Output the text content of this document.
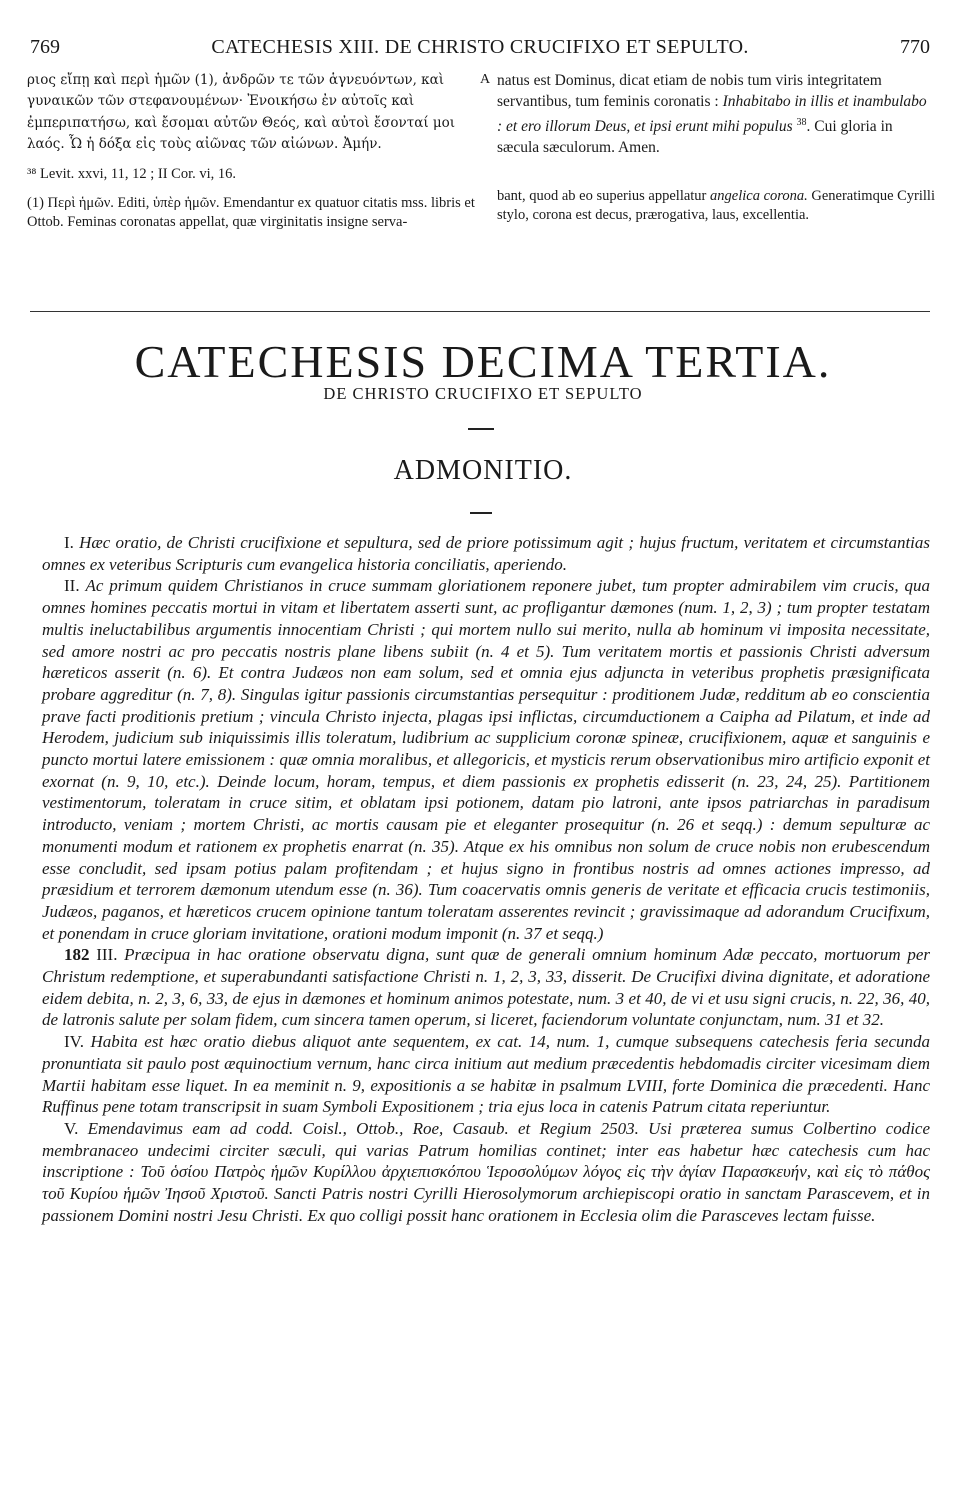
769	CATECHESIS XIII. DE CHRISTO CRUCIFIXO ET SEPULTO.	770

ριος εἴπῃ καὶ περὶ ἡμῶν (1), ἀνδρῶν τε τῶν ἁγνευόντων, καὶ γυναικῶν τῶν στεφανουμένων· Ἐνοικήσω ἐν αὐτοῖς καὶ ἐμπεριπατήσω, καὶ ἔσομαι αὐτῶν Θεός, καὶ αὐτοὶ ἔσονταί μοι λαός. Ὧ ἡ δόξα εἰς τοὺς αἰῶνας τῶν αἰώνων. Ἀμήν.

³⁸ Levit. xxvi, 11, 12 ; II Cor. vi, 16.

(1) Περὶ ἡμῶν. Editi, ὑπὲρ ἡμῶν. Emendantur ex quatuor citatis mss. libris et Ottob. Feminas coronatas appellat, quæ virginitatis insigne serva-

A natus est Dominus, dicat etiam de nobis tum viris integritatem servantibus, tum feminis coronatis : Inhabitabo in illis et inambulabo : et ero illorum Deus, et ipsi erunt mihi populus $^{38}$. Cui gloria in sæcula sæculorum. Amen.

bant, quod ab eo superius appellatur angelica corona. Generatimque Cyrilli stylo, corona est decus, prærogativa, laus, excellentia.

CATECHESIS DECIMA TERTIA.
DE CHRISTO CRUCIFIXO ET SEPULTO
ADMONITIO.

I. Hæc oratio, de Christi crucifixione et sepultura, sed de priore potissimum agit ; hujus fructum, veritatem et circumstantias omnes ex veteribus Scripturis cum evangelica historia conciliatis, aperiendo.

II. Ac primum quidem Christianos in cruce summam gloriationem reponere jubet, tum propter admirabilem vim crucis, qua omnes homines peccatis mortui in vitam et libertatem asserti sunt, ac profligantur dæmones (num. 1, 2, 3) ; tum propter testatam multis ineluctabilibus argumentis innocentiam Christi ; qui mortem nullo sui merito, nulla ab hominum vi imposita necessitate, sed amore nostri ac pro peccatis nostris plane libens subiit (n. 4 et 5). Tum veritatem mortis et passionis Christi adversum hæreticos asserit (n. 6). Et contra Judæos non eam solum, sed et omnia ejus adjuncta in veteribus prophetis præsignificata probare aggreditur (n. 7, 8). Singulas igitur passionis circumstantias persequitur : proditionem Judæ, redditum ab eo conscientia prave facti proditionis pretium ; vincula Christo injecta, plagas ipsi inflictas, circumductionem a Caipha ad Pilatum, et inde ad Herodem, judicium sub iniquissimis illis toleratum, ludibrium ac supplicium coronæ spineæ, crucifixionem, aquæ et sanguinis e puncto mortui latere emissionem : quæ omnia moralibus, et allegoricis, et mysticis rerum observationibus miro artificio exponit et exornat (n. 9, 10, etc.). Deinde locum, horam, tempus, et diem passionis ex prophetis edisserit (n. 23, 24, 25). Partitionem vestimentorum, toleratam in cruce sitim, et oblatam ipsi potionem, datam pio latroni, ante ipsos patriarchas in paradisum introducto, veniam ; mortem Christi, ac mortis causam pie et eleganter prosequitur (n. 26 et seqq.) : demum sepulturæ ac monumenti modum et rationem ex prophetis enarrat (n. 35). Atque ex his omnibus non solum de cruce nobis non erubescendum esse concludit, sed ipsam potius palam profitendam ; et hujus signo in frontibus nostris ad omnes actiones impresso, ad præsidium et terrorem dæmonum utendum esse (n. 36). Tum coacervatis omnis generis de veritate et efficacia crucis testimoniis, Judæos, paganos, et hæreticos crucem opinione tantum toleratam asserentes revincit ; gravissimaque ad adorandum Crucifixum, et ponendam in cruce gloriam invitatione, orationi modum imponit (n. 37 et seqq.)

182 III. Præcipua in hac oratione observatu digna, sunt quæ de generali omnium hominum Adæ peccato, mortuorum per Christum redemptione, et superabundanti satisfactione Christi n. 1, 2, 3, 33, disserit. De Crucifixi divina dignitate, et adoratione eidem debita, n. 2, 3, 6, 33, de ejus in dæmones et hominum animos potestate, num. 3 et 40, de vi et usu signi crucis, n. 22, 36, 40, de latronis salute per solam fidem, cum sincera tamen operum, si liceret, faciendorum voluntate conjunctam, num. 31 et 32.

IV. Habita est hæc oratio diebus aliquot ante sequentem, ex cat. 14, num. 1, cumque subsequens catechesis feria secunda pronuntiata sit paulo post æquinoctium vernum, hanc circa initium aut medium præcedentis hebdomadis circiter vicesimam diem Martii habitam esse liquet. In ea meminit n. 9, expositionis a se habitæ in psalmum LVIII, forte Dominica die præcedenti. Hanc Ruffinus pene totam transcripsit in suam Symboli Expositionem ; tria ejus loca in catenis Patrum citata reperiuntur.

V. Emendavimus eam ad codd. Coisl., Ottob., Roe, Casaub. et Regium 2503. Usi præterea sumus Colbertino codice membranaceo undecimi circiter sæculi, qui varias Patrum homilias continet; inter eas habetur hæc catechesis cum hac inscriptione : Τοῦ ὁσίου Πατρὸς ἡμῶν Κυρίλλου ἀρχιεπισκόπου Ἱεροσολύμων λόγος εἰς τὴν ἁγίαν Παρασκευήν, καὶ εἰς τὸ πάθος τοῦ Κυρίου ἡμῶν Ἰησοῦ Χριστοῦ. Sancti Patris nostri Cyrilli Hierosolymorum archiepiscopi oratio in sanctam Parascevem, et in passionem Domini nostri Jesu Christi. Ex quo colligi possit hanc orationem in Ecclesia olim die Parasceves lectam fuisse.
